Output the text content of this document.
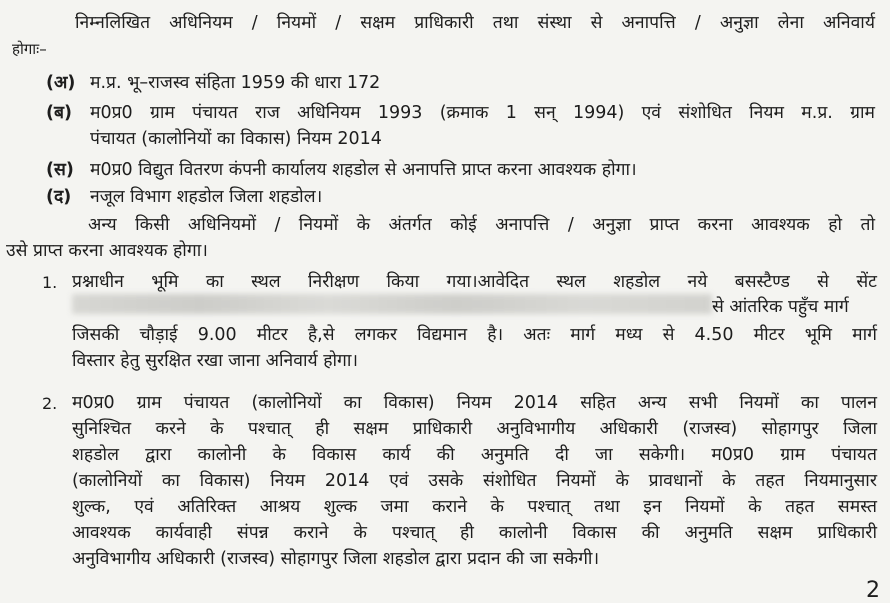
निम्नलिखित अधिनियम / नियमों / सक्षम प्राधिकारी तथा संस्था से अनापत्ति / अनुज्ञा लेना अनिवार्य
होगाः–
(अ) म.प्र. भू–राजस्व संहिता 1959 की धारा 172
(ब) म0प्र0 ग्राम पंचायत राज अधिनियम 1993 (क्रमाक 1 सन् 1994) एवं संशोधित नियम म.प्र. ग्राम
पंचायत (कालोनियों का विकास) नियम 2014
(स) म0प्र0 विद्युत वितरण कंपनी कार्यालय शहडोल से अनापत्ति प्राप्त करना आवश्यक होगा।
(द) नजूल विभाग शहडोल जिला शहडोल।
अन्य किसी अधिनियमों / नियमों के अंतर्गत कोई अनापत्ति / अनुज्ञा प्राप्त करना आवश्यक हो तो
उसे प्राप्त करना आवश्यक होगा।
1. प्रश्नाधीन भूमि का स्थल निरीक्षण किया गया।आवेदित स्थल शहडोल नये बसस्टैण्ड से सेंट
से आंतरिक पहुँच मार्ग
जिसकी चौड़ाई 9.00 मीटर है,से लगकर विद्यमान है। अतः मार्ग मध्य से 4.50 मीटर भूमि मार्ग
विस्तार हेतु सुरक्षित रखा जाना अनिवार्य होगा।
2. म0प्र0 ग्राम पंचायत (कालोनियों का विकास) नियम 2014 सहित अन्य सभी नियमों का पालन
सुनिश्चित करने के पश्चात् ही सक्षम प्राधिकारी अनुविभागीय अधिकारी (राजस्व) सोहागपुर जिला
शहडोल द्वारा कालोनी के विकास कार्य की अनुमति दी जा सकेगी। म0प्र0 ग्राम पंचायत
(कालोनियों का विकास) नियम 2014 एवं उसके संशोधित नियमों के प्रावधानों के तहत नियमानुसार
शुल्क, एवं अतिरिक्त आश्रय शुल्क जमा कराने के पश्चात् तथा इन नियमों के तहत समस्त
आवश्यक कार्यवाही संपन्न कराने के पश्चात् ही कालोनी विकास की अनुमति सक्षम प्राधिकारी
अनुविभागीय अधिकारी (राजस्व) सोहागपुर जिला शहडोल द्वारा प्रदान की जा सकेगी।
2
